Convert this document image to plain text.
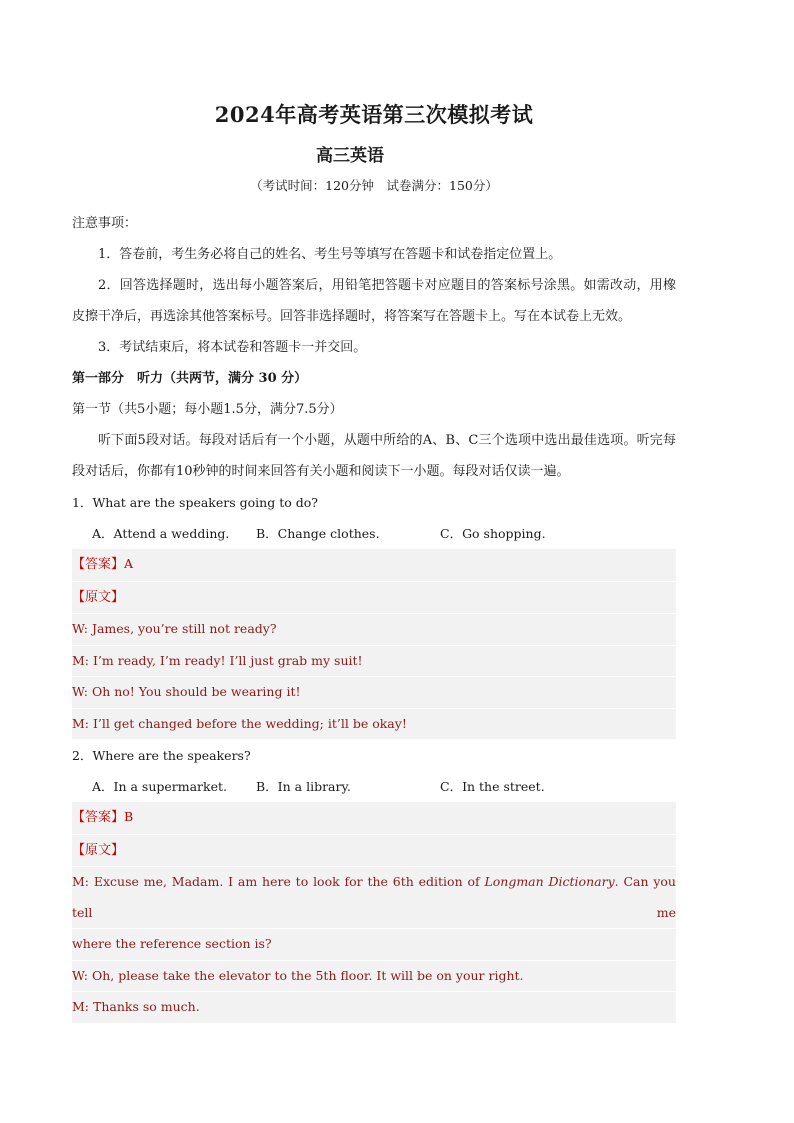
2024年高考英语第三次模拟考试
高三英语
（考试时间：120分钟　试卷满分：150分）
注意事项：
1．答卷前，考生务必将自己的姓名、考生号等填写在答题卡和试卷指定位置上。

2．回答选择题时，选出每小题答案后，用铅笔把答题卡对应题目的答案标号涂黑。如需改动，用橡皮擦干净后，再选涂其他答案标号。回答非选择题时，将答案写在答题卡上。写在本试卷上无效。

3．考试结束后，将本试卷和答题卡一并交回。
第一部分　听力（共两节，满分 30 分）
第一节（共5小题；每小题1.5分，满分7.5分）

听下面5段对话。每段对话后有一个小题，从题中所给的A、B、C三个选项中选出最佳选项。听完每段对话后，你都有10秒钟的时间来回答有关小题和阅读下一小题。每段对话仅读一遍。

1．What are the speakers going to do?
A．Attend a wedding. B．Change clothes.	C．Go shopping.
【答案】A
【原文】
W: James, you’re still not ready?
M: I’m ready, I’m ready! I’ll just grab my suit!
W: Oh no! You should be wearing it!
M: I’ll get changed before the wedding; it’ll be okay!
2．Where are the speakers?
A．In a supermarket. B．In a library.	C．In the street.
【答案】B
【原文】
M: Excuse me, Madam. I am here to look for the 6th edition of Longman Dictionary. Can you tell me
where the reference section is?
W: Oh, please take the elevator to the 5th floor. It will be on your right.
M: Thanks so much.
